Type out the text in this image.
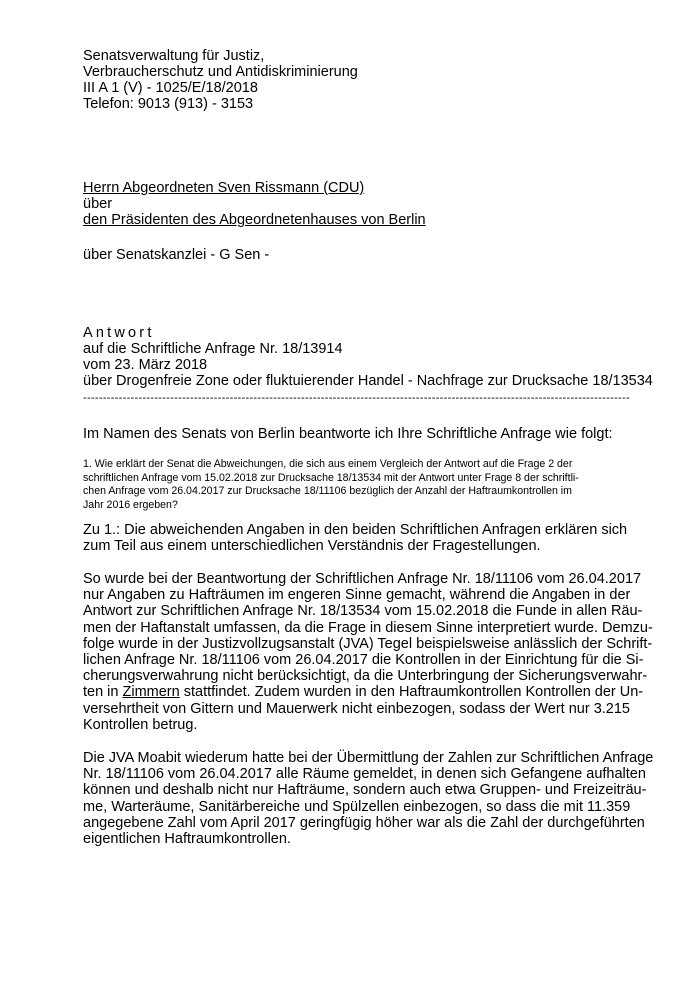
Senatsverwaltung für Justiz,
Verbraucherschutz und Antidiskriminierung
III A 1 (V) - 1025/E/18/2018
Telefon: 9013 (913) - 3153
Herrn Abgeordneten Sven Rissmann (CDU)
über
den Präsidenten des Abgeordnetenhauses von Berlin
über Senatskanzlei - G Sen -
Antwort
auf die Schriftliche Anfrage Nr. 18/13914
vom 23. März 2018
über Drogenfreie Zone oder fluktuierender Handel - Nachfrage zur Drucksache 18/13534
------------------------------------------------------------------------------------------------------------------------------------------
Im Namen des Senats von Berlin beantworte ich Ihre Schriftliche Anfrage wie folgt:

1. Wie erklärt der Senat die Abweichungen, die sich aus einem Vergleich der Antwort auf die Frage 2 der

schriftlichen Anfrage vom 15.02.2018 zur Drucksache 18/13534 mit der Antwort unter Frage 8 der schriftli-

chen Anfrage vom 26.04.2017 zur Drucksache 18/11106 bezüglich der Anzahl der Haftraumkontrollen im

Jahr 2016 ergeben?

Zu 1.: Die abweichenden Angaben in den beiden Schriftlichen Anfragen erklären sich

zum Teil aus einem unterschiedlichen Verständnis der Fragestellungen.

So wurde bei der Beantwortung der Schriftlichen Anfrage Nr. 18/11106 vom 26.04.2017

nur Angaben zu Hafträumen im engeren Sinne gemacht, während die Angaben in der

Antwort zur Schriftlichen Anfrage Nr. 18/13534 vom 15.02.2018 die Funde in allen Räu-

men der Haftanstalt umfassen, da die Frage in diesem Sinne interpretiert wurde. Demzu-

folge wurde in der Justizvollzugsanstalt (JVA) Tegel beispielsweise anlässlich der Schrift-

lichen Anfrage Nr. 18/11106 vom 26.04.2017 die Kontrollen in der Einrichtung für die Si-

cherungsverwahrung nicht berücksichtigt, da die Unterbringung der Sicherungsverwahr-

ten in Zimmern stattfindet. Zudem wurden in den Haftraumkontrollen Kontrollen der Un-

versehrtheit von Gittern und Mauerwerk nicht einbezogen, sodass der Wert nur 3.215

Kontrollen betrug.

Die JVA Moabit wiederum hatte bei der Übermittlung der Zahlen zur Schriftlichen Anfrage

Nr. 18/11106 vom 26.04.2017 alle Räume gemeldet, in denen sich Gefangene aufhalten

können und deshalb nicht nur Hafträume, sondern auch etwa Gruppen- und Freizeiträu-

me, Warteräume, Sanitärbereiche und Spülzellen einbezogen, so dass die mit 11.359

angegebene Zahl vom April 2017 geringfügig höher war als die Zahl der durchgeführten

eigentlichen Haftraumkontrollen.
